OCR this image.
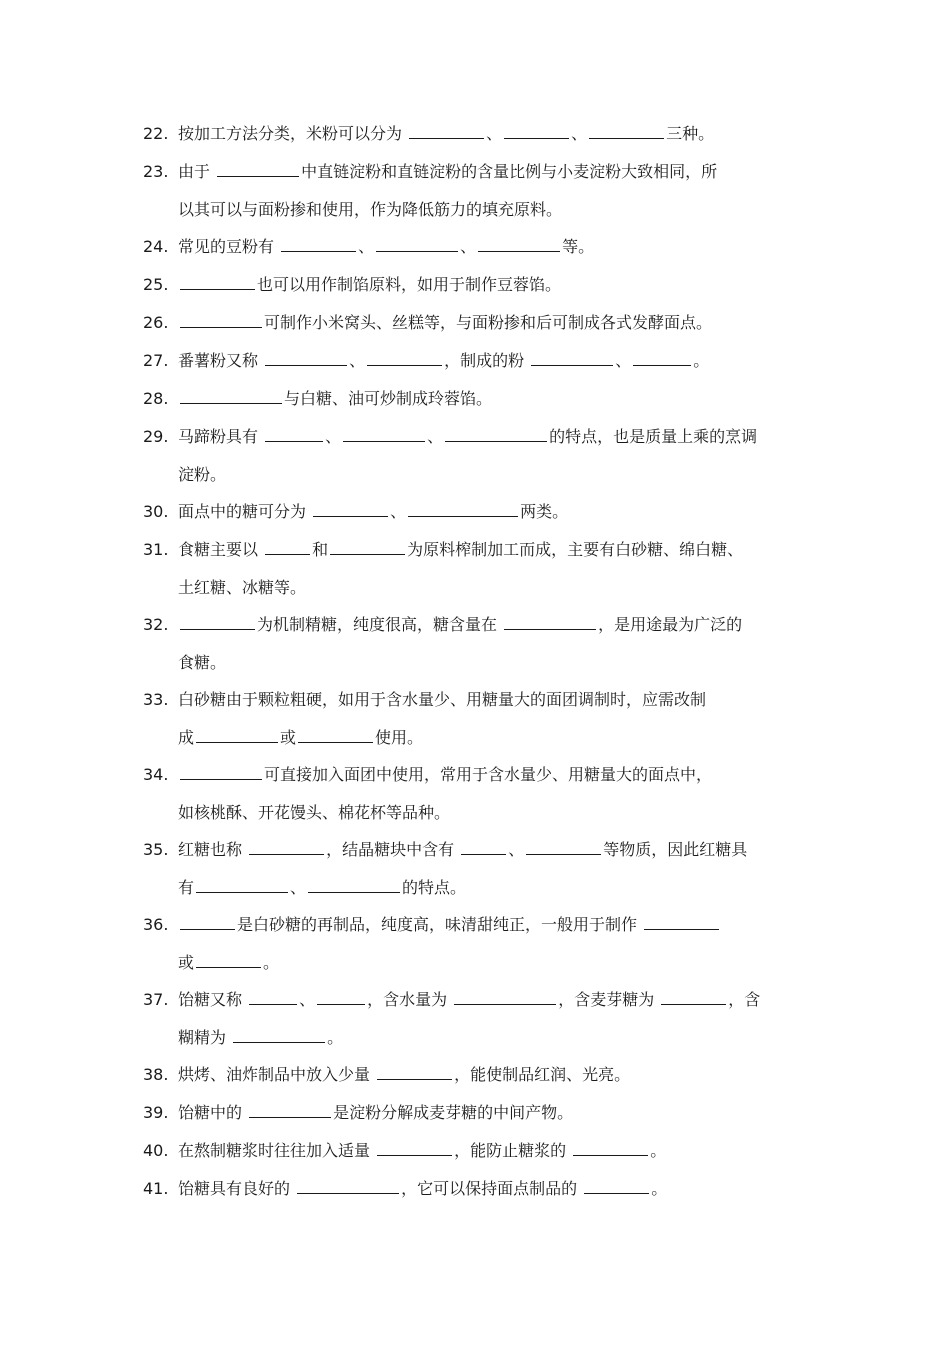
22. 按加工方法分类，米粉可以分为	、	、	三种。
23. 由于	中直链淀粉和直链淀粉的含量比例与小麦淀粉大致相同，所
以其可以与面粉掺和使用，作为降低筋力的填充原料。
24. 常见的豆粉有	、	、	等。
25.	也可以用作制馅原料，如用于制作豆蓉馅。
26.	可制作小米窝头、丝糕等，与面粉掺和后可制成各式发酵面点。
27. 番薯粉又称	、	，制成的粉	、	。
28.	与白糖、油可炒制成玲蓉馅。
29. 马蹄粉具有	、	、	的特点，也是质量上乘的烹调
淀粉。
30. 面点中的糖可分为	、	两类。
31. 食糖主要以	和	为原料榨制加工而成，主要有白砂糖、绵白糖、
土红糖、冰糖等。
32.	为机制精糖，纯度很高，糖含量在	，是用途最为广泛的
食糖。
33. 白砂糖由于颗粒粗硬，如用于含水量少、用糖量大的面团调制时，应需改制
成	或	使用。
34.	可直接加入面团中使用，常用于含水量少、用糖量大的面点中，
如核桃酥、开花馒头、棉花杯等品种。
35. 红糖也称	，结晶糖块中含有	、	等物质，因此红糖具
有	、	的特点。
36.	是白砂糖的再制品，纯度高，味清甜纯正，一般用于制作
或	。
37. 饴糖又称	、	，含水量为	，含麦芽糖为	，含
糊精为	。
38. 烘烤、油炸制品中放入少量	，能使制品红润、光亮。
39. 饴糖中的	是淀粉分解成麦芽糖的中间产物。
40. 在熬制糖浆时往往加入适量	，能防止糖浆的	。
41. 饴糖具有良好的	，它可以保持面点制品的	。
